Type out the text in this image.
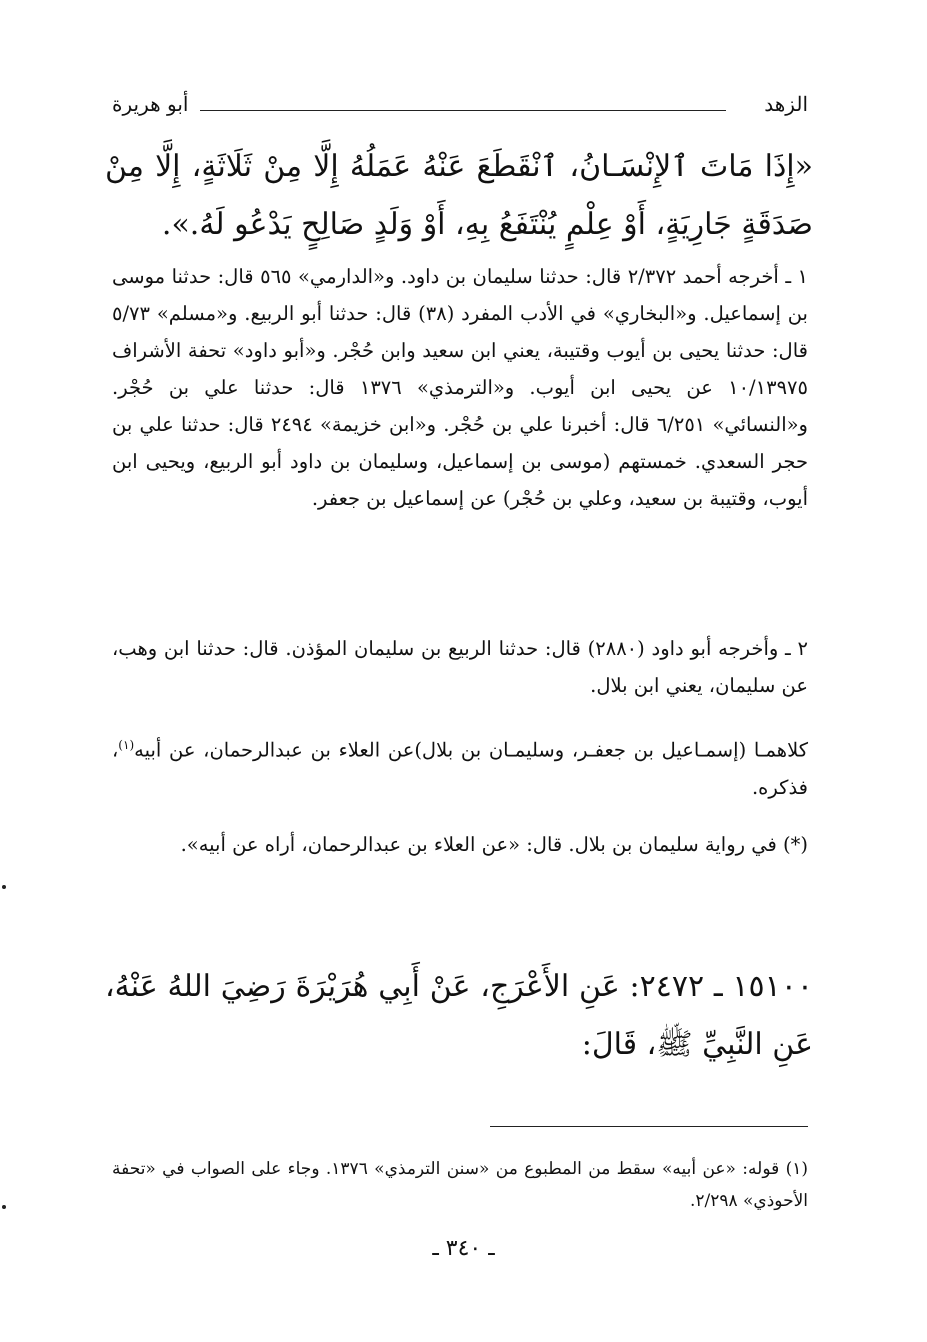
الزهد
أبو هريرة
«إِذَا مَاتَ ٱلإِنْسَـانُ، ٱنْقَطَعَ عَنْهُ عَمَلُهُ إِلَّا مِنْ ثَلَاثَةٍ، إِلَّا مِنْ صَدَقَةٍ جَارِيَةٍ، أَوْ عِلْمٍ يُنْتَفَعُ بِهِ، أَوْ وَلَدٍ صَالِحٍ يَدْعُو لَهُ.».
١ ـ أخرجه أحمد ٢/٣٧٢ قال: حدثنا سليمان بن داود. و«الدارمي» ٥٦٥ قال: حدثنا موسى بن إسماعيل. و«البخاري» في الأدب المفرد (٣٨) قال: حدثنا أبو الربيع. و«مسلم» ٥/٧٣ قال: حدثنا يحيى بن أيوب وقتيبة، يعني ابن سعيد وابن حُجْر. و«أبو داود» تحفة الأشراف ١٠/١٣٩٧٥ عن يحيى ابن أيوب. و«الترمذي» ١٣٧٦ قال: حدثنا علي بن حُجْر. و«النسائي» ٦/٢٥١ قال: أخبرنا علي بن حُجْر. و«ابن خزيمة» ٢٤٩٤ قال: حدثنا علي بن حجر السعدي. خمستهم (موسى بن إسماعيل، وسليمان بن داود أبو الربيع، ويحيى ابن أيوب، وقتيبة بن سعيد، وعلي بن حُجْر) عن إسماعيل بن جعفر.
٢ ـ وأخرجه أبو داود (٢٨٨٠) قال: حدثنا الربيع بن سليمان المؤذن. قال: حدثنا ابن وهب، عن سليمان، يعني ابن بلال.
كلاهمـا (إسمـاعيل بن جعفـر، وسليمـان بن بلال)عن العلاء بن عبدالرحمان، عن أبيه$^{(١)}$، فذكره.
(*) في رواية سليمان بن بلال. قال: «عن العلاء بن عبدالرحمان، أراه عن أبيه».
١٥١٠٠ ـ ٢٤٧٢: عَنِ الأَعْرَجِ، عَنْ أَبِي هُرَيْرَةَ رَضِيَ اللهُ عَنْهُ، عَنِ النَّبِيِّ ﷺ، قَالَ:
(١) قوله: «عن أبيه» سقط من المطبوع من «سنن الترمذي» ١٣٧٦. وجاء على الصواب في «تحفة الأحوذي» ٢/٢٩٨.
ـ ٣٤٠ ـ
